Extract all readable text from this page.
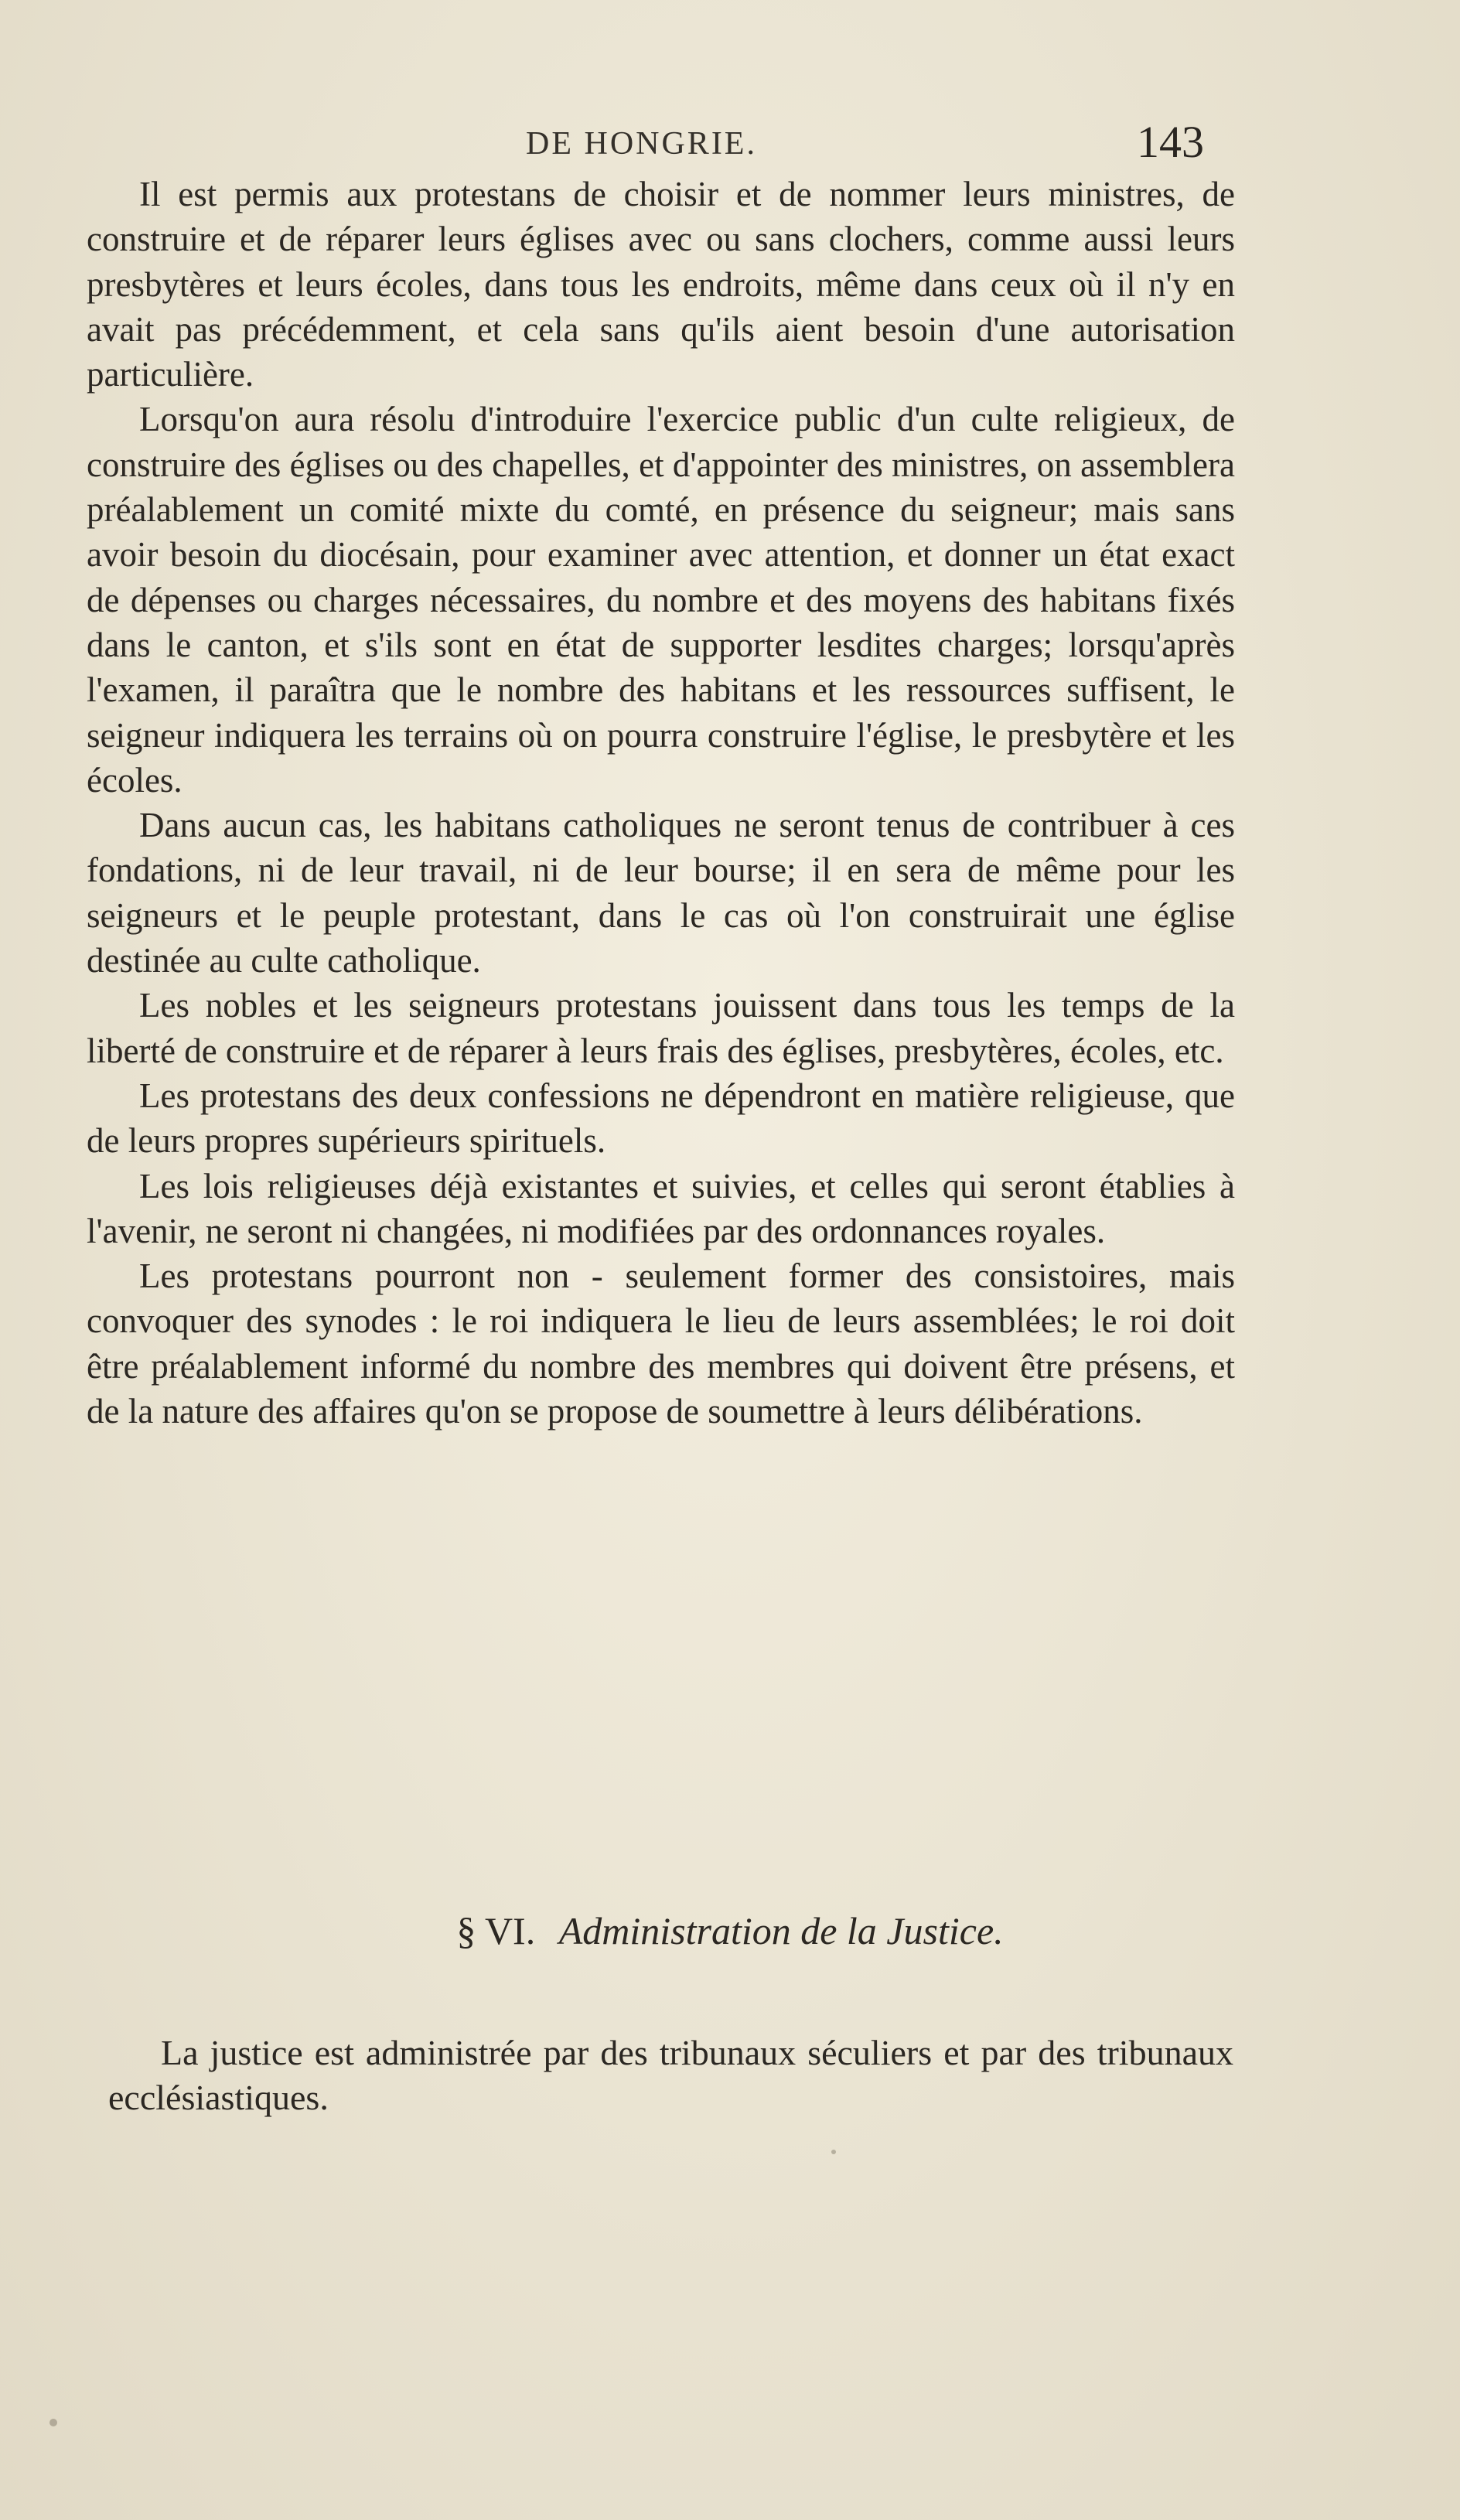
DE HONGRIE.	143

Il est permis aux protestans de choisir et de nommer leurs ministres, de construire et de réparer leurs églises avec ou sans clochers, comme aussi leurs presbytères et leurs écoles, dans tous les endroits, même dans ceux où il n'y en avait pas précédemment, et cela sans qu'ils aient besoin d'une autorisation particulière.

Lorsqu'on aura résolu d'introduire l'exercice public d'un culte religieux, de construire des églises ou des chapelles, et d'appointer des ministres, on assemblera préalablement un comité mixte du comté, en présence du seigneur; mais sans avoir besoin du diocésain, pour examiner avec attention, et donner un état exact de dépenses ou charges nécessaires, du nombre et des moyens des habitans fixés dans le canton, et s'ils sont en état de supporter lesdites charges; lorsqu'après l'examen, il paraîtra que le nombre des habitans et les ressources suffisent, le seigneur indiquera les terrains où on pourra construire l'église, le presbytère et les écoles.

Dans aucun cas, les habitans catholiques ne seront tenus de contribuer à ces fondations, ni de leur travail, ni de leur bourse; il en sera de même pour les seigneurs et le peuple protestant, dans le cas où l'on construirait une église destinée au culte catholique.

Les nobles et les seigneurs protestans jouissent dans tous les temps de la liberté de construire et de réparer à leurs frais des églises, presbytères, écoles, etc.

Les protestans des deux confessions ne dépendront en matière religieuse, que de leurs propres supérieurs spirituels.

Les lois religieuses déjà existantes et suivies, et celles qui seront établies à l'avenir, ne seront ni changées, ni modifiées par des ordonnances royales.

Les protestans pourront non - seulement former des consistoires, mais convoquer des synodes : le roi indiquera le lieu de leurs assemblées; le roi doit être préalablement informé du nombre des membres qui doivent être présens, et de la nature des affaires qu'on se propose de soumettre à leurs délibérations.

§ VI. Administration de la Justice.

La justice est administrée par des tribunaux séculiers et par des tribunaux ecclésiastiques.
